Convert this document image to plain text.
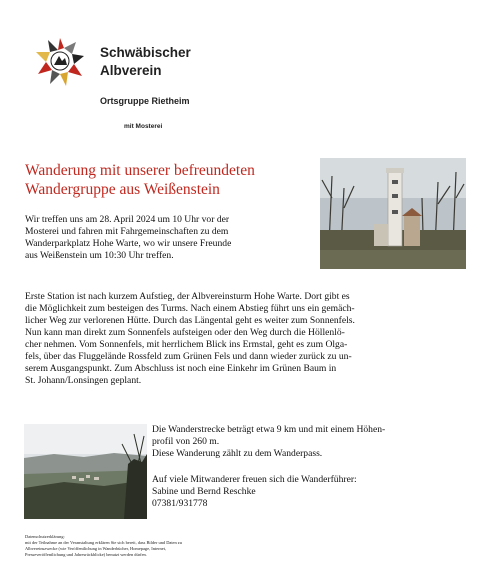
Schwäbischer
Albverein
Ortsgruppe Rietheim
mit Mosterei
Wanderung mit unserer befreundeten
Wandergruppe aus Weißenstein
Wir treffen uns am 28. April 2024 um 10 Uhr vor der
Mosterei und fahren mit Fahrgemeinschaften zu dem
Wanderparkplatz Hohe Warte, wo wir unsere Freunde
aus Weißenstein um 10:30 Uhr treffen.
Erste Station ist nach kurzem Aufstieg, der Albvereinsturm Hohe Warte. Dort gibt es
die Möglichkeit zum besteigen des Turms. Nach einem Abstieg führt uns ein gemäch-
licher Weg zur verlorenen Hütte. Durch das Längental geht es weiter zum Sonnenfels.
Nun kann man direkt zum Sonnenfels aufsteigen oder den Weg durch die Höllenlö-
cher nehmen. Vom Sonnenfels, mit herrlichem Blick ins Ermstal, geht es zum Olga-
fels, über das Fluggelände Rossfeld zum Grünen Fels und dann wieder zurück zu un-
serem Ausgangspunkt. Zum Abschluss ist noch eine Einkehr im Grünen Baum in
St. Johann/Lonsingen geplant.
Die Wanderstrecke beträgt etwa 9 km und mit einem Höhen-
profil von 260 m.
Diese Wanderung zählt zu dem Wanderpass.
Auf viele Mitwanderer freuen sich die Wanderführer:
Sabine und Bernd Reschke
07381/931778
Datenschutzerklärung:
mit der Teilnahme an der Veranstaltung erklären Sie sich bereit, dass Bilder und Daten zu
Albvereinszwecke (wie Veröffentlichung in Wanderbücher, Homepage, Internet,
Presseveröffentlichung und Jahresrückblicke) benutzt werden dürfen.
